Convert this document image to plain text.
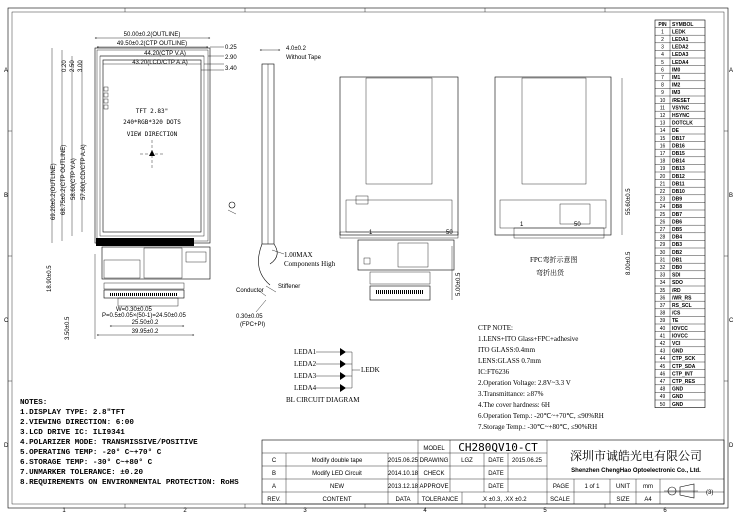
1	2	3	4	5	6
A
B
C
D
A
B
C
D
50.00±0.2(OUTLINE)
49.50±0.2(CTP OUTLINE)
44.20(CTP V.A)
43.20(LCD/CTP A.A)
0.25
2.90
3.40
0.20 2.50 3.00
69.20±0.2(OUTLINE) 68.75±0.2(CTP OUTLINE) 58.60(CTP V.A) 57.60(LCD/CTP A.A)
TFT 2.83"
240*RGB*320 DOTS
VIEW DIRECTION
18.90±0.5
3.50±0.5
W=0.30±0.05
P=0.5±0.05×(50-1)=24.50±0.05
25.50±0.2
39.95±0.2
4.0±0.2
Without Tape
1.00MAX
Components High
Stiffener
Conductor
0.30±0.05
(FPC+PI)
LEDA1
LEDA2
LEDA3
LEDA4
LEDK
BL CIRCUIT DIAGRAM
5.00±0.5
1	50
55.60±0.5
8.00±0.5
1	50
FPC弯折示意图
弯折出货
CTP NOTE:
1.LENS+ITO Glass+FPC+adhesive
ITO GLASS:0.4mm
LENS:GLASS 0.7mm
IC:FT6236
2.Operation Voltage: 2.8V~3.3 V
3.Transmittance: ≥87%
4.The cover hardness: 6H
6.Operation Temp.: -20℃~+70℃, ≤90%RH
7.Storage Temp.: -30℃~+80℃, ≤90%RH
NOTES:
1.DISPLAY TYPE: 2.8"TFT
2.VIEWING DIRECTION: 6:00
3.LCD DRIVE IC: ILI9341
4.POLARIZER MODE: TRANSMISSIVE/POSITIVE
5.OPERATING TEMP: -20° C~+70° C
6.STORAGE TEMP: -30° C~+80° C
7.UNMARKER TOLERANCE: ±0.20
8.REQUIREMENTS ON ENVIRONMENTAL PROTECTION: RoHS
PIN SYMBOL
1 LEDK
2 LEDA1
3 LEDA2
4 LEDA3
5 LEDA4
6 IM0
7 IM1
8 IM2
9 IM3
10 /RESET
11 VSYNC
12 HSYNC
13 DOTCLK
14 DE
15 DB17
16 DB16
17 DB15
18 DB14
19 DB13
20 DB12
21 DB11
22 DB10
23 DB9
24 DB8
25 DB7
26 DB6
27 DB5
28 DB4
29 DB3
30 DB2
31 DB1
32 DB0
33 SDI
34 SDO
35 /RD
36 /WR_RS
37 RS_SCL
38 /CS
39 TE
40 IOVCC
41 IOVCC
42 VCI
43 GND
44 CTP_SCK
45 CTP_SDA
46 CTP_INT
47 CTP_RES
48 GND
49 GND
50 GND
MODEL CH280QV10-CT
DRAWING LGZ	DATE 2015.06.25
CHECK	DATE
APPROVE	DATE
深圳市诚皓光电有限公司
Shenzhen ChengHao Optoelectronic Co., Ltd.
PAGE	1 of 1	UNIT mm
SIZE A4
SCALE
TOLERANCE	.X ±0.3, .XX ±0.2
(3)
REV.	CONTENT	DATA
C	Modify double tape	2015.06.25
B	Modify LED Circuit	2014.10.18
A	NEW	2013.12.18
